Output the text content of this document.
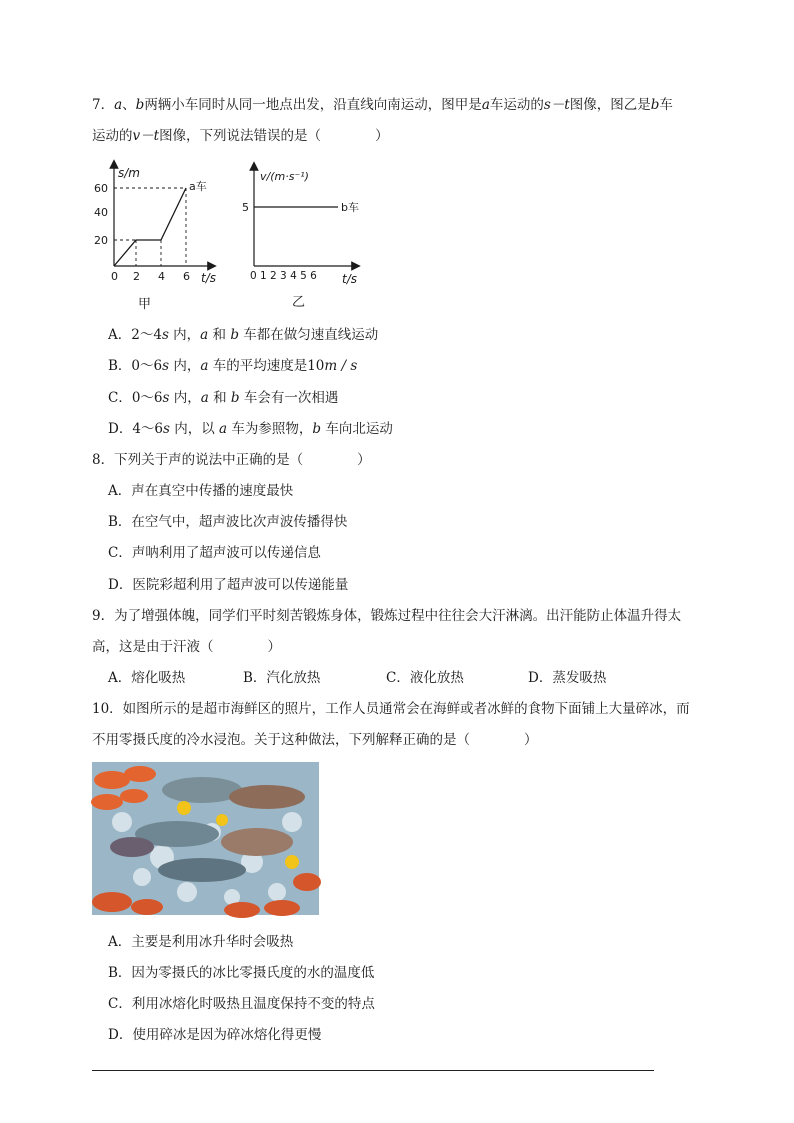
7．a、b两辆小车同时从同一地点出发，沿直线向南运动，图甲是a车运动的s－t图像，图乙是b车
运动的v－t图像，下列说法错误的是（　　　　	）
s/m
60
40
20
0 2 4 6 t/s
a车
甲
v/(m·s⁻¹)
5	b车
0 1 2 3 4 5 6 t/s
乙
A．2～4s 内，a 和 b 车都在做匀速直线运动
B．0～6s 内，a 车的平均速度是10m / s
C．0～6s 内，a 和 b 车会有一次相遇
D．4～6s 内，以 a 车为参照物，b 车向北运动
8．下列关于声的说法中正确的是（　　　　）
A．声在真空中传播的速度最快
B．在空气中，超声波比次声波传播得快
C．声呐利用了超声波可以传递信息
D．医院彩超利用了超声波可以传递能量
9．为了增强体魄，同学们平时刻苦锻炼身体，锻炼过程中往往会大汗淋漓。出汗能防止体温升得太
高，这是由于汗液（　　　　）
A．熔化吸热	B．汽化放热	C．液化放热	D．蒸发吸热
10．如图所示的是超市海鲜区的照片，工作人员通常会在海鲜或者冰鲜的食物下面铺上大量碎冰，而
不用零摄氏度的冷水浸泡。关于这种做法，下列解释正确的是（　　　　）
A．主要是利用冰升华时会吸热
B．因为零摄氏的冰比零摄氏度的水的温度低
C．利用冰熔化时吸热且温度保持不变的特点
D．使用碎冰是因为碎冰熔化得更慢
